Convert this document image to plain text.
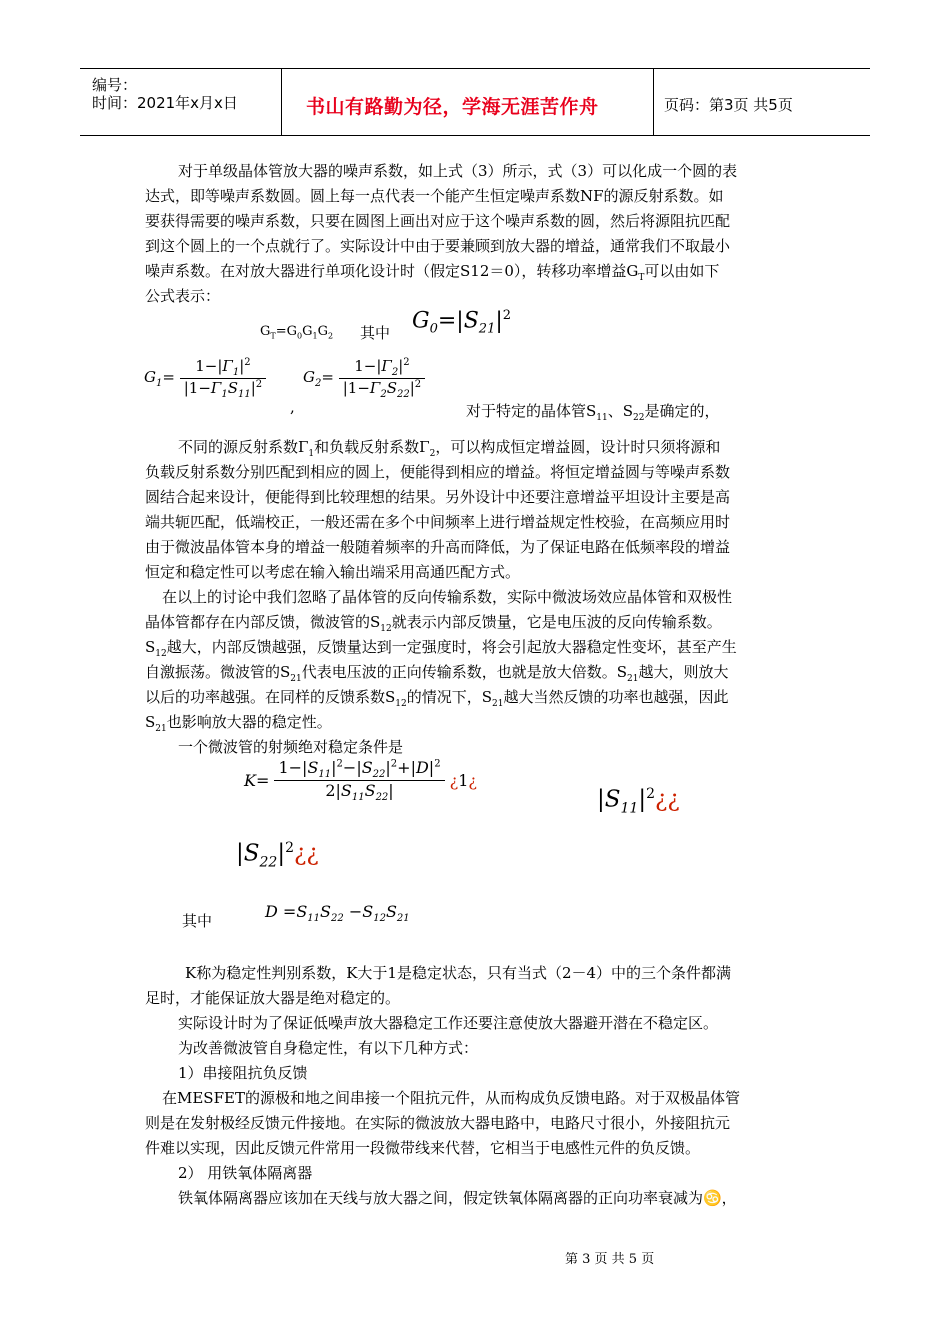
编号：
时间：2021年x月x日	书山有路勤为径，学海无涯苦作舟	页码：第3页 共5页
对于单级晶体管放大器的噪声系数，如上式（3）所示，式（3）可以化成一个圆的表
达式，即等噪声系数圆。圆上每一点代表一个能产生恒定噪声系数NF的源反射系数。如
要获得需要的噪声系数，只要在圆图上画出对应于这个噪声系数的圆，然后将源阻抗匹配
到这个圆上的一个点就行了。实际设计中由于要兼顾到放大器的增益，通常我们不取最小
噪声系数。在对放大器进行单项化设计时（假定S12＝0），转移功率增益$G_T$可以由如下
公式表示：
$G_T=G_0G_1G_2$ 其中 $G_0=|S_{21}|^2$
$G_1= \frac{1-|\Gamma_1|^2}{|1-\Gamma_1S_{11}|^2}$
,
$G_2= \frac{1-|\Gamma_2|^2}{|1-\Gamma_2S_{22}|^2}$
对于特定的晶体管$S_{11}$、$S_{22}$是确定的，
不同的源反射系数$\Gamma_1$和负载反射系数$\Gamma_2$，可以构成恒定增益圆，设计时只须将源和
负载反射系数分别匹配到相应的圆上，便能得到相应的增益。将恒定增益圆与等噪声系数
圆结合起来设计，便能得到比较理想的结果。另外设计中还要注意增益平坦设计主要是高
端共轭匹配，低端校正，一般还需在多个中间频率上进行增益规定性校验，在高频应用时
由于微波晶体管本身的增益一般随着频率的升高而降低，为了保证电路在低频率段的增益
恒定和稳定性可以考虑在输入输出端采用高通匹配方式。
在以上的讨论中我们忽略了晶体管的反向传输系数，实际中微波场效应晶体管和双极性
晶体管都存在内部反馈，微波管的$S_{12}$就表示内部反馈量，它是电压波的反向传输系数。
$S_{12}$越大，内部反馈越强，反馈量达到一定强度时，将会引起放大器稳定性变坏，甚至产生
自激振荡。微波管的$S_{21}$代表电压波的正向传输系数，也就是放大倍数。$S_{21}$越大，则放大
以后的功率越强。在同样的反馈系数$S_{12}$的情况下，$S_{21}$越大当然反馈的功率也越强，因此
$S_{21}$也影响放大器的稳定性。
一个微波管的射频绝对稳定条件是
$K= \frac{1-|S_{11}|^2-|S_{22}|^2+|D|^2}{2|S_{11}S_{22}|}$ ¿1¿
$|S_{11}|^2¿¿$
$|S_{22}|^2¿¿$
其中	$D =S_{11}S_{22} -S_{12}S_{21}$
K称为稳定性判别系数，K大于1是稳定状态，只有当式（2－4）中的三个条件都满
足时，才能保证放大器是绝对稳定的。
实际设计时为了保证低噪声放大器稳定工作还要注意使放大器避开潜在不稳定区。
为改善微波管自身稳定性，有以下几种方式：
1）串接阻抗负反馈
在MESFET的源极和地之间串接一个阻抗元件，从而构成负反馈电路。对于双极晶体管
则是在发射极经反馈元件接地。在实际的微波放大器电路中，电路尺寸很小，外接阻抗元
件难以实现，因此反馈元件常用一段微带线来代替，它相当于电感性元件的负反馈。
2） 用铁氧体隔离器
铁氧体隔离器应该加在天线与放大器之间，假定铁氧体隔离器的正向功率衰减为♋，
第 3 页 共 5 页
